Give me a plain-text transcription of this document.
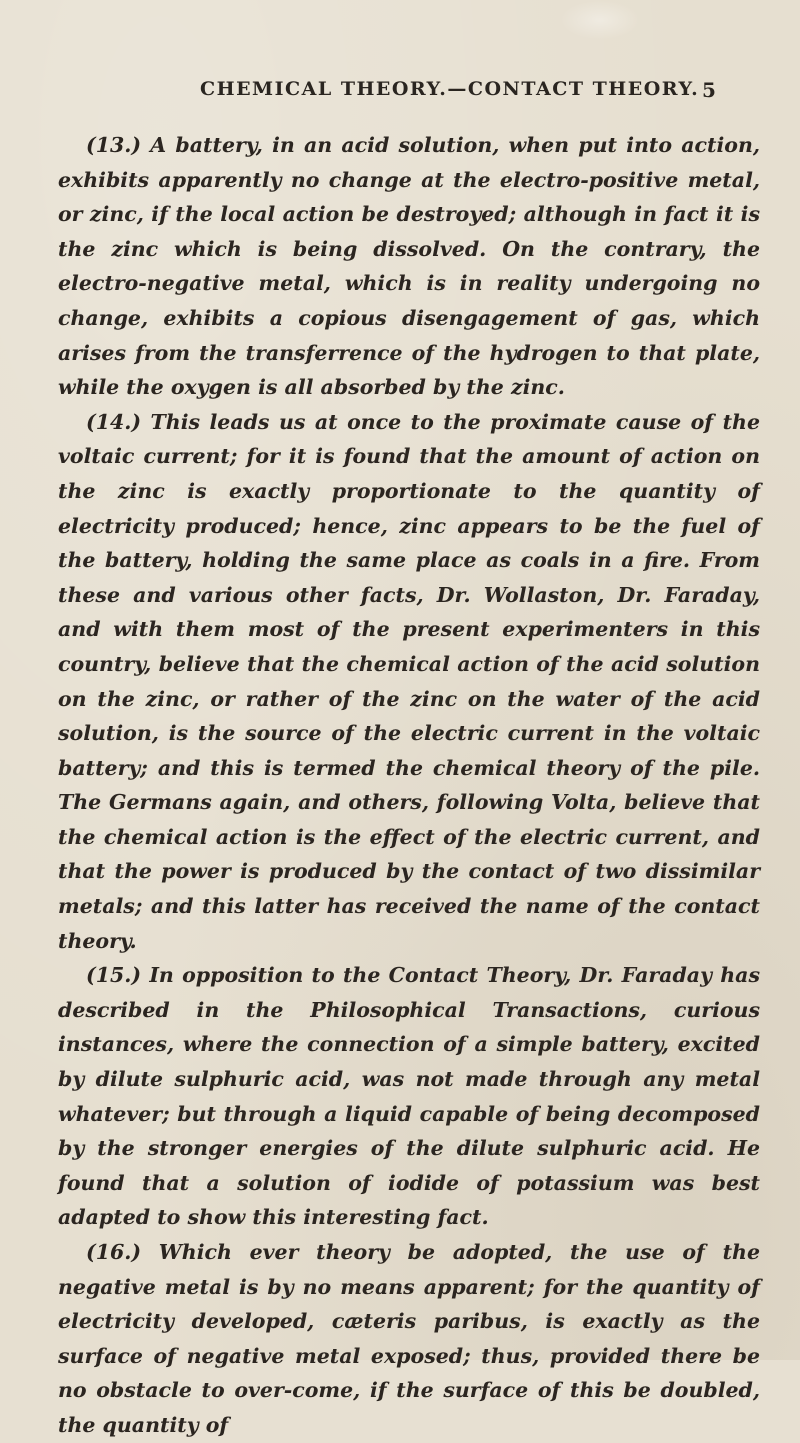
CHEMICAL THEORY.—CONTACT THEORY. 5

(13.) A battery, in an acid solution, when put into action, exhibits apparently no change at the electro-positive metal, or zinc, if the local action be destroyed; although in fact it is the zinc which is being dissolved. On the contrary, the electro-negative metal, which is in reality undergoing no change, exhibits a copious disengagement of gas, which arises from the transferrence of the hydrogen to that plate, while the oxygen is all absorbed by the zinc.

(14.) This leads us at once to the proximate cause of the voltaic current; for it is found that the amount of action on the zinc is exactly proportionate to the quantity of electricity produced; hence, zinc appears to be the fuel of the battery, holding the same place as coals in a fire. From these and various other facts, Dr. Wollaston, Dr. Faraday, and with them most of the present experimenters in this country, believe that the chemical action of the acid solution on the zinc, or rather of the zinc on the water of the acid solution, is the source of the electric current in the voltaic battery; and this is termed the chemical theory of the pile. The Germans again, and others, following Volta, believe that the chemical action is the effect of the electric current, and that the power is produced by the contact of two dissimilar metals; and this latter has received the name of the contact theory.

(15.) In opposition to the Contact Theory, Dr. Faraday has described in the Philosophical Transactions, curious instances, where the connection of a simple battery, excited by dilute sulphuric acid, was not made through any metal whatever; but through a liquid capable of being decomposed by the stronger energies of the dilute sulphuric acid. He found that a solution of iodide of potassium was best adapted to show this interesting fact.

(16.) Which ever theory be adopted, the use of the negative metal is by no means apparent; for the quantity of electricity developed, cæteris paribus, is exactly as the surface of negative metal exposed; thus, provided there be no obstacle to over-come, if the surface of this be doubled, the quantity of
